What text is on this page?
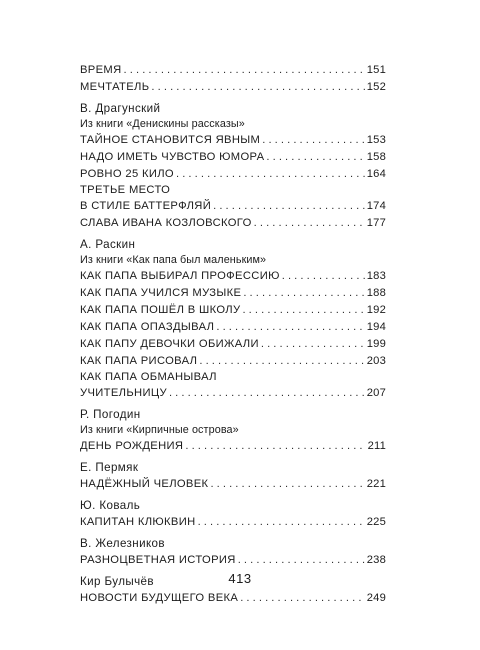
ВРЕМЯ . . .	151
МЕЧТАТЕЛЬ . . .	152
В. Драгунский
Из книги «Денискины рассказы»
ТАЙНОЕ СТАНОВИТСЯ ЯВНЫМ . . .	153
НАДО ИМЕТЬ ЧУВСТВО ЮМОРА . . .	158
РОВНО 25 КИЛО . . .	164
ТРЕТЬЕ МЕСТО
В СТИЛЕ БАТТЕРФЛЯЙ . . .	174
СЛАВА ИВАНА КОЗЛОВСКОГО . . .	177
А. Раскин
Из книги «Как папа был маленьким»
КАК ПАПА ВЫБИРАЛ ПРОФЕССИЮ . . .	183
КАК ПАПА УЧИЛСЯ МУЗЫКЕ . . .	188
КАК ПАПА ПОШЁЛ В ШКОЛУ . . .	192
КАК ПАПА ОПАЗДЫВАЛ . . .	194
КАК ПАПУ ДЕВОЧКИ ОБИЖАЛИ . . .	199
КАК ПАПА РИСОВАЛ . . .	203
КАК ПАПА ОБМАНЫВАЛ
УЧИТЕЛЬНИЦУ . . .	207
Р. Погодин
Из книги «Кирпичные острова»
ДЕНЬ РОЖДЕНИЯ . . .	211
Е. Пермяк
НАДЁЖНЫЙ ЧЕЛОВЕК . . .	221
Ю. Коваль
КАПИТАН КЛЮКВИН . . .	225
В. Железников
РАЗНОЦВЕТНАЯ ИСТОРИЯ . . .	238
Кир Булычёв
НОВОСТИ БУДУЩЕГО ВЕКА . . .	249
413
